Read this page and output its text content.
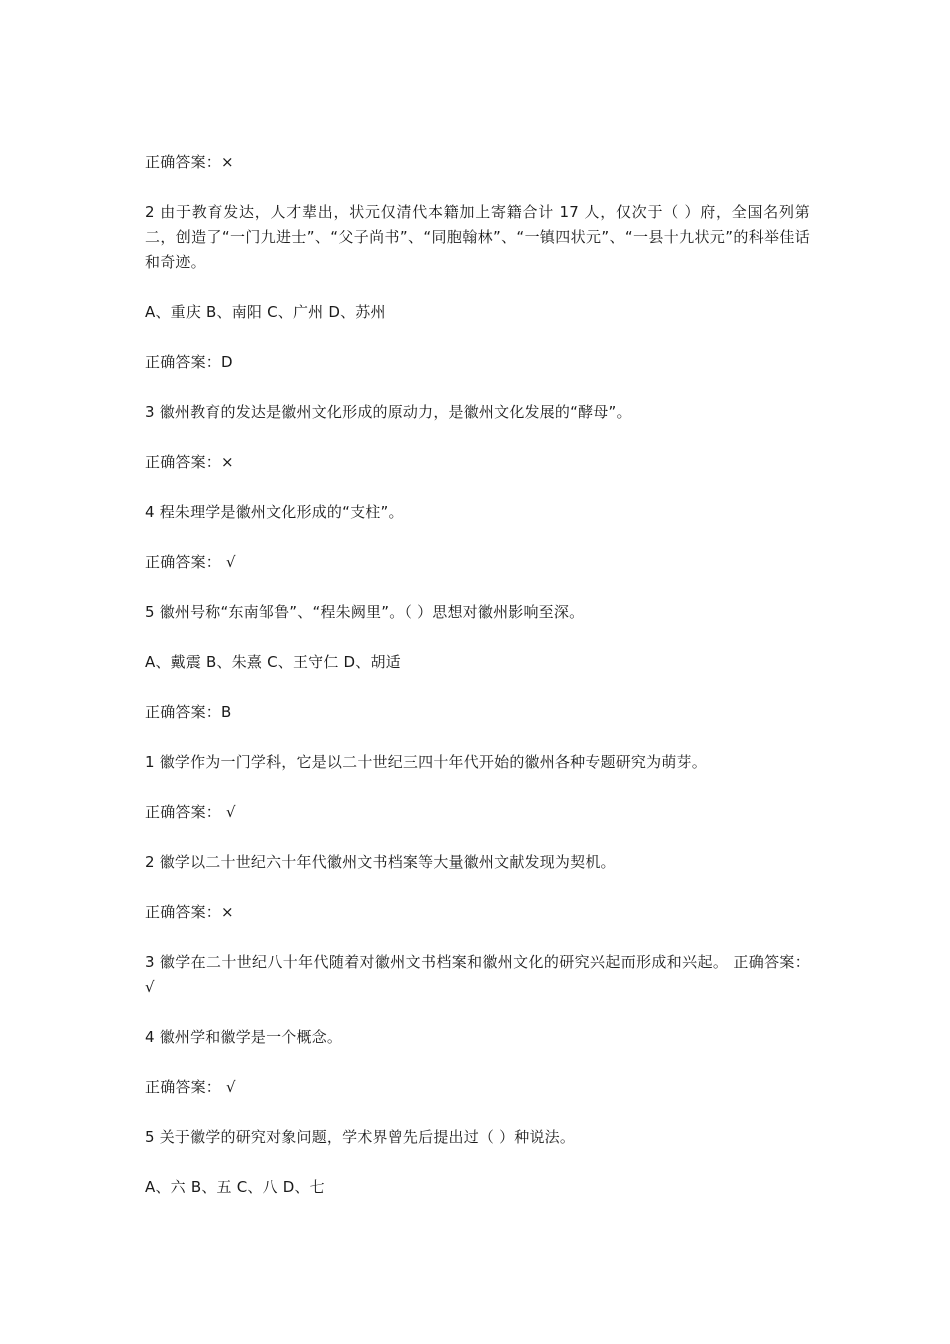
正确答案：×

2 由于教育发达，人才辈出，状元仅清代本籍加上寄籍合计 17 人，仅次于（ ）府，全国名列第二，创造了“一门九进士”、“父子尚书”、“同胞翰林”、“一镇四状元”、“一县十九状元”的科举佳话和奇迹。

A、重庆 B、南阳 C、广州 D、苏州

正确答案：D

3 徽州教育的发达是徽州文化形成的原动力，是徽州文化发展的“酵母”。

正确答案：×

4 程朱理学是徽州文化形成的“支柱”。

正确答案： √

5 徽州号称“东南邹鲁”、“程朱阙里”。（ ）思想对徽州影响至深。

A、戴震 B、朱熹 C、王守仁 D、胡适

正确答案：B

1 徽学作为一门学科，它是以二十世纪三四十年代开始的徽州各种专题研究为萌芽。

正确答案： √

2 徽学以二十世纪六十年代徽州文书档案等大量徽州文献发现为契机。

正确答案：×

3 徽学在二十世纪八十年代随着对徽州文书档案和徽州文化的研究兴起而形成和兴起。 正确答案： √

4 徽州学和徽学是一个概念。

正确答案： √

5 关于徽学的研究对象问题，学术界曾先后提出过（ ）种说法。

A、六 B、五 C、八 D、七
